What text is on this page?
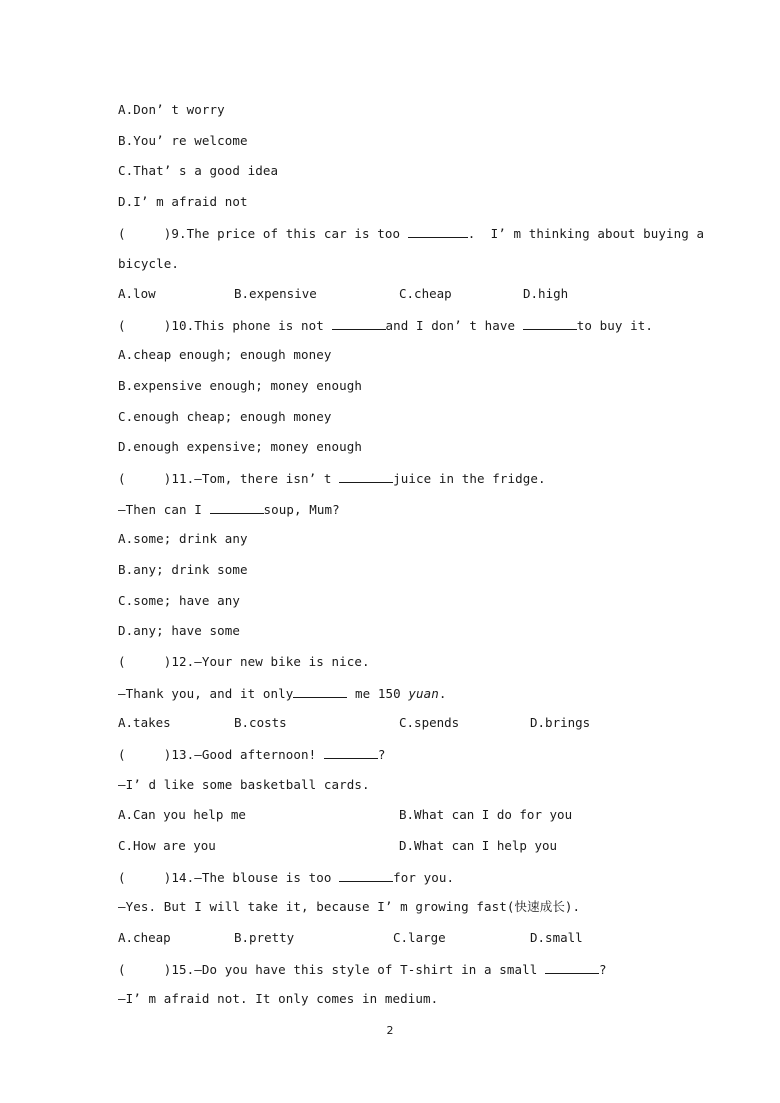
A.Don’ t worry
B.You’ re welcome
C.That’ s a good idea
D.I’ m afraid not
(     )9.The price of this car is too	.  I’ m thinking about buying a
bicycle.
A.low	B.expensive	C.cheap	D.high
(     )10.This phone is not	and I don’ t have	to buy it.
A.cheap enough; enough money
B.expensive enough; money enough
C.enough cheap; enough money
D.enough expensive; money enough
(     )11.—Tom, there isn’ t	juice in the fridge.
—Then can I	soup, Mum?
A.some; drink any
B.any; drink some
C.some; have any
D.any; have some
(     )12.—Your new bike is nice.
—Thank you, and it only	me 150 yuan.
A.takes	B.costs	C.spends	D.brings
(     )13.—Good afternoon!	?
—I’ d like some basketball cards.
A.Can you help me	B.What can I do for you
C.How are you	D.What can I help you
(     )14.—The blouse is too	for you.
—Yes. But I will take it, because I’ m growing fast(快速成长).
A.cheap	B.pretty	C.large	D.small
(     )15.—Do you have this style of T-shirt in a small	?
—I’ m afraid not. It only comes in medium.
2
